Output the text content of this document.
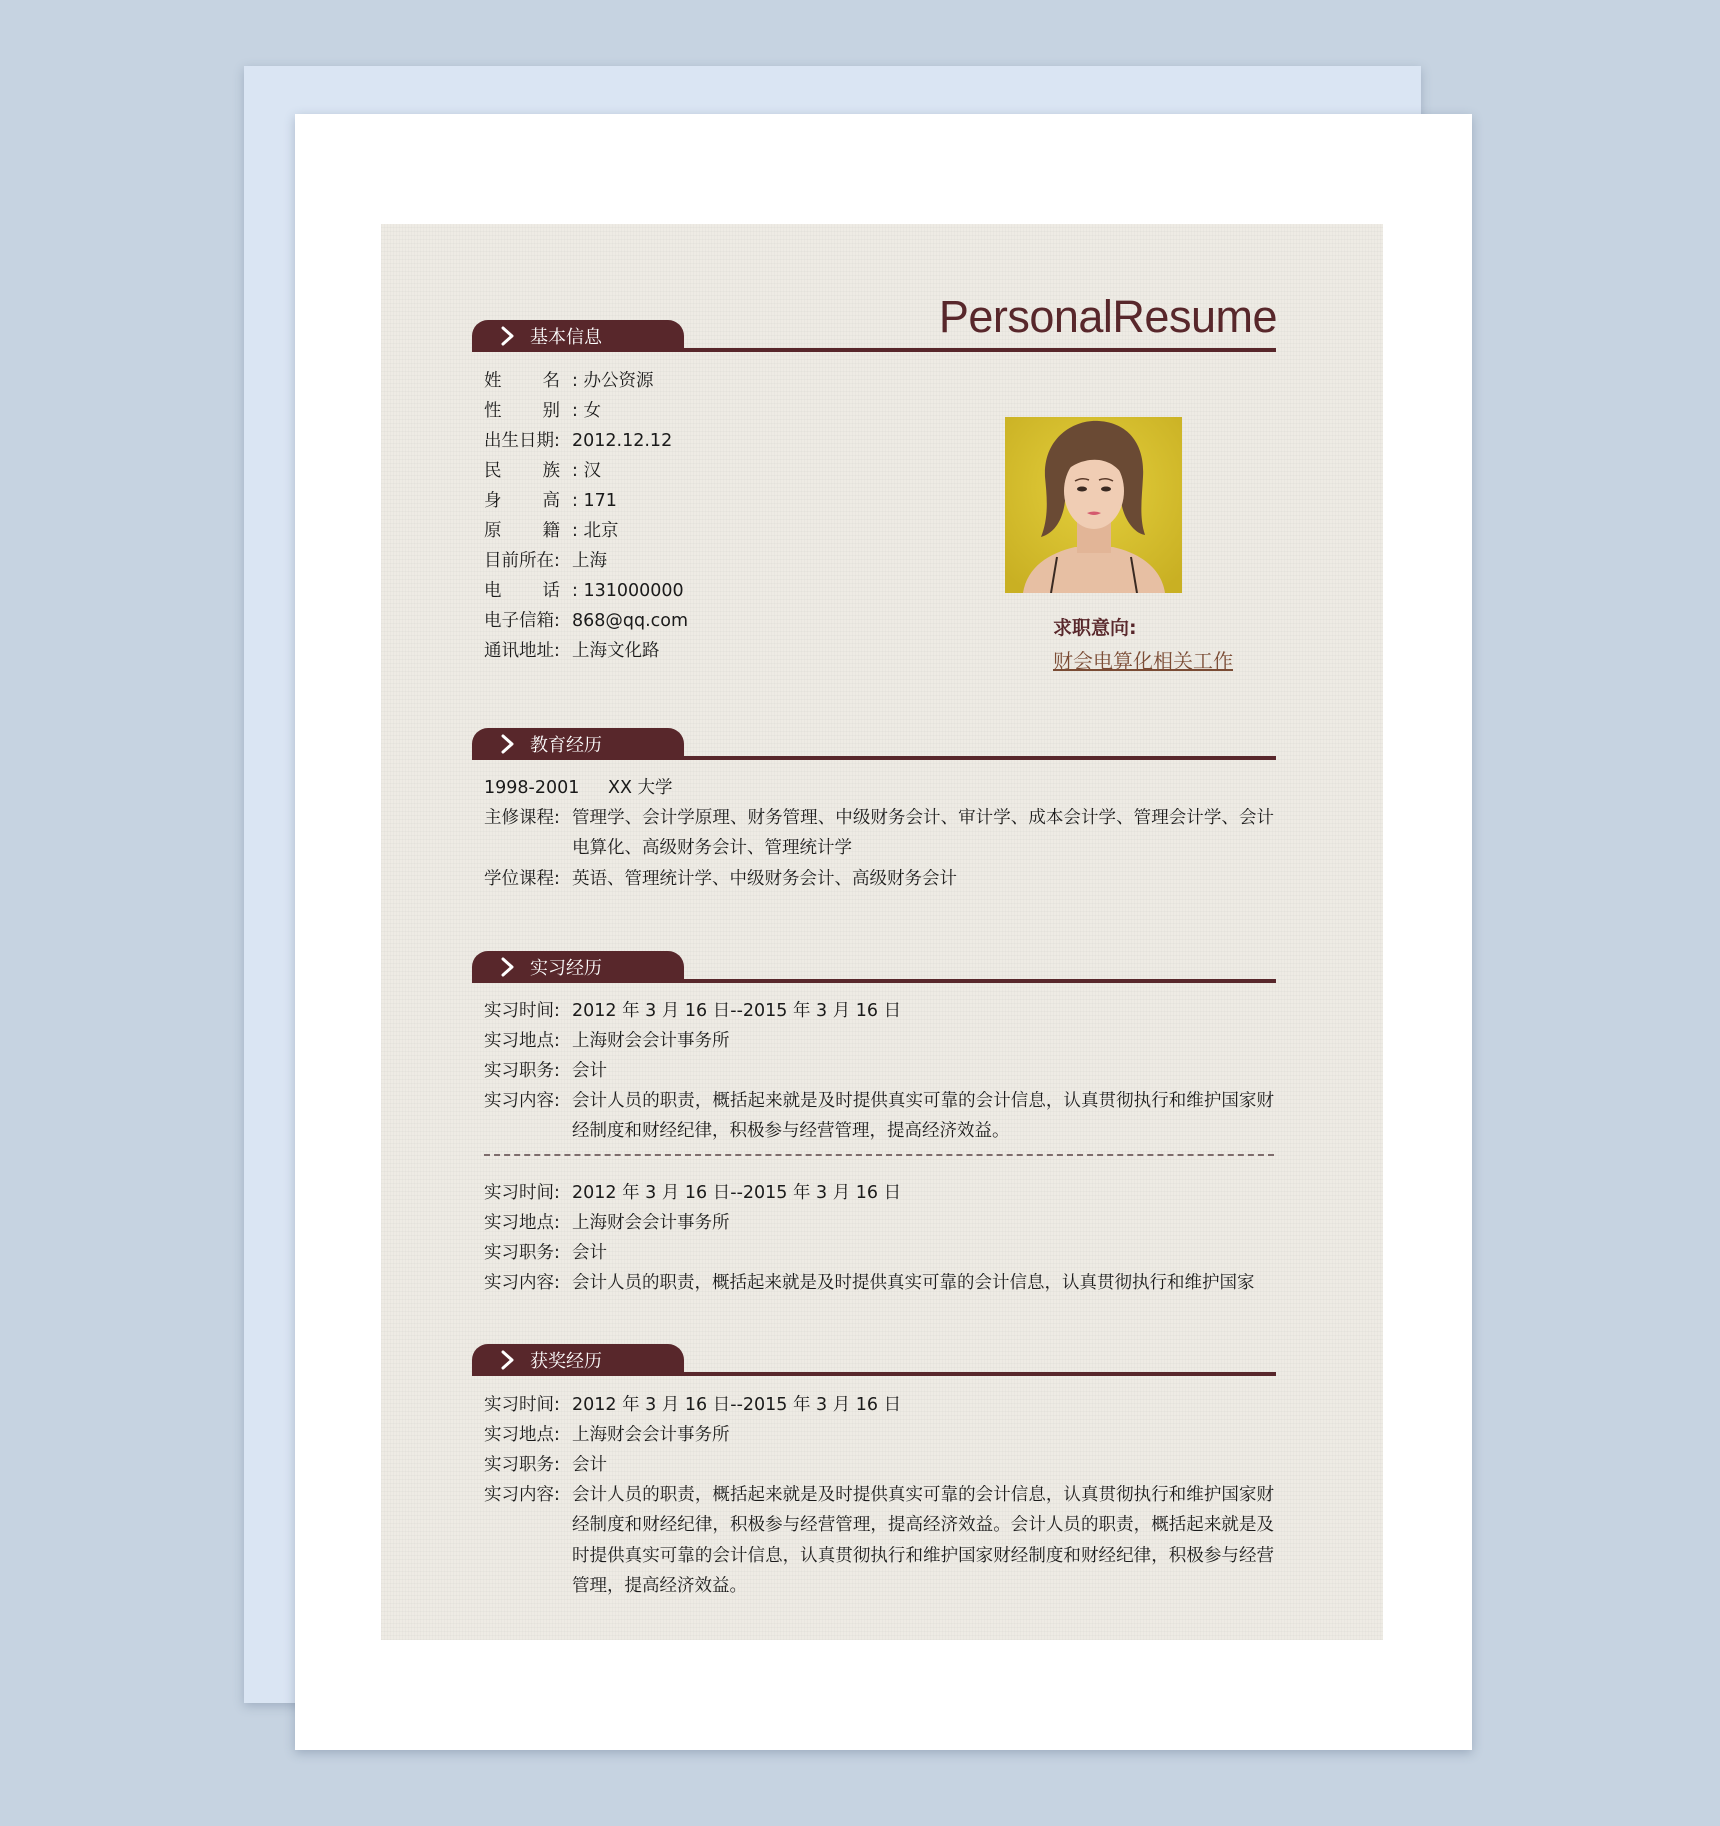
PersonalResume
基本信息
姓 名 : 办公资源
性 别 : 女
出生日期: 2012.12.12
民 族 : 汉
身 高 : 171
原 籍 : 北京
目前所在: 上海
电 话 : 131000000
电子信箱: 868@qq.com
通讯地址: 上海文化路
求职意向:
财会电算化相关工作
教育经历
1998-2001	XX 大学
主修课程: 管理学、会计学原理、财务管理、中级财务会计、审计学、成本会计学、管理会计学、会计电算化、高级财务会计、管理统计学
学位课程: 英语、管理统计学、中级财务会计、高级财务会计
实习经历
实习时间: 2012 年 3 月 16 日--2015 年 3 月 16 日
实习地点: 上海财会会计事务所
实习职务: 会计
实习内容: 会计人员的职责，概括起来就是及时提供真实可靠的会计信息，认真贯彻执行和维护国家财经制度和财经纪律，积极参与经营管理，提高经济效益。
实习时间: 2012 年 3 月 16 日--2015 年 3 月 16 日
实习地点: 上海财会会计事务所
实习职务: 会计
实习内容: 会计人员的职责，概括起来就是及时提供真实可靠的会计信息，认真贯彻执行和维护国家
获奖经历
实习时间: 2012 年 3 月 16 日--2015 年 3 月 16 日
实习地点: 上海财会会计事务所
实习职务: 会计
实习内容: 会计人员的职责，概括起来就是及时提供真实可靠的会计信息，认真贯彻执行和维护国家财经制度和财经纪律，积极参与经营管理，提高经济效益。会计人员的职责，概括起来就是及时提供真实可靠的会计信息，认真贯彻执行和维护国家财经制度和财经纪律，积极参与经营管理，提高经济效益。
